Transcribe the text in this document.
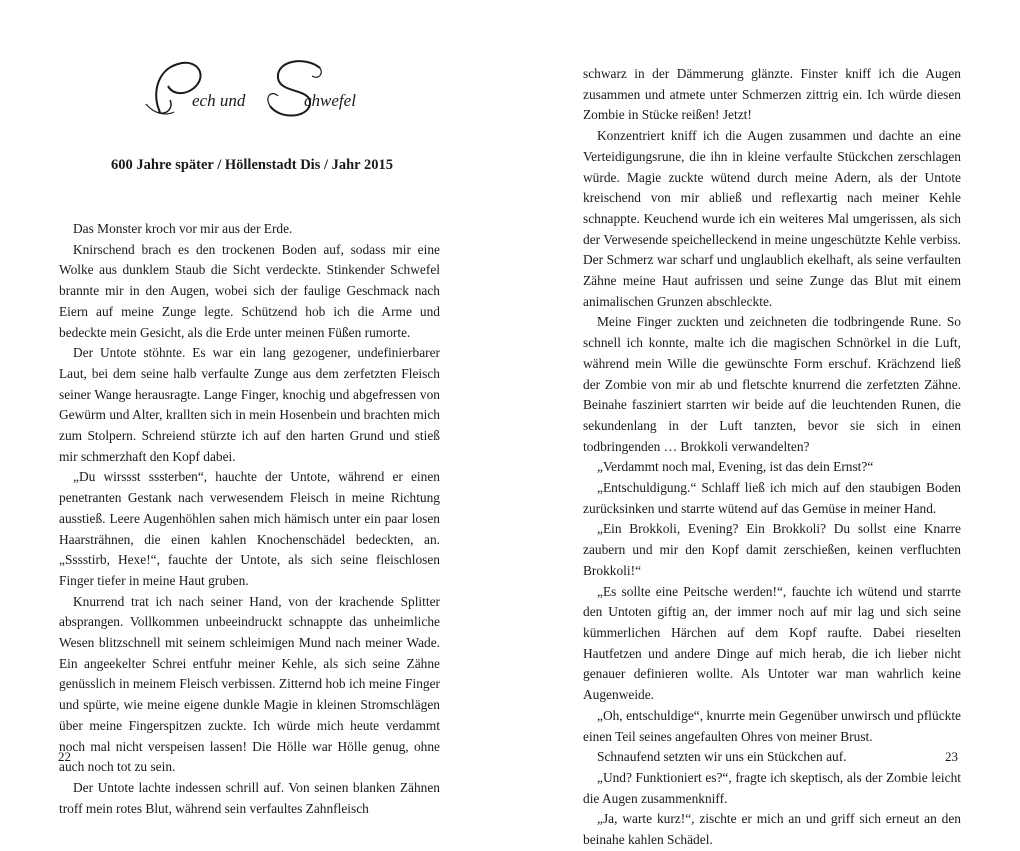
ech und	chwefel
600 Jahre später / Höllenstadt Dis / Jahr 2015

Das Monster kroch vor mir aus der Erde.

Knirschend brach es den trockenen Boden auf, sodass mir eine Wolke aus dunklem Staub die Sicht verdeckte. Stinkender Schwefel brannte mir in den Augen, wobei sich der faulige Geschmack nach Eiern auf meine Zunge legte. Schützend hob ich die Arme und bedeckte mein Gesicht, als die Erde unter meinen Füßen rumorte.

Der Untote stöhnte. Es war ein lang gezogener, undefinierbarer Laut, bei dem seine halb verfaulte Zunge aus dem zerfetzten Fleisch seiner Wange herausragte. Lange Finger, knochig und abgefressen von Gewürm und Alter, krallten sich in mein Hosenbein und brachten mich zum Stolpern. Schreiend stürzte ich auf den harten Grund und stieß mir schmerzhaft den Kopf dabei.

„Du wirssst sssterben“, hauchte der Untote, während er einen penetranten Gestank nach verwesendem Fleisch in meine Richtung ausstieß. Leere Augenhöhlen sahen mich hämisch unter ein paar losen Haarsträhnen, die einen kahlen Knochenschädel bedeckten, an. „Sssstirb, Hexe!“, fauchte der Untote, als sich seine fleischlosen Finger tiefer in meine Haut gruben.

Knurrend trat ich nach seiner Hand, von der krachende Splitter absprangen. Vollkommen unbeeindruckt schnappte das unheimliche Wesen blitzschnell mit seinem schleimigen Mund nach meiner Wade. Ein angeekelter Schrei entfuhr meiner Kehle, als sich seine Zähne genüsslich in meinem Fleisch verbissen. Zitternd hob ich meine Finger und spürte, wie meine eigene dunkle Magie in kleinen Stromschlägen über meine Fingerspitzen zuckte. Ich würde mich heute verdammt noch mal nicht verspeisen lassen! Die Hölle war Hölle genug, ohne auch noch tot zu sein.

Der Untote lachte indessen schrill auf. Von seinen blanken Zähnen troff mein rotes Blut, während sein verfaultes Zahnfleisch

22

schwarz in der Dämmerung glänzte. Finster kniff ich die Augen zusammen und atmete unter Schmerzen zittrig ein. Ich würde diesen Zombie in Stücke reißen! Jetzt!

Konzentriert kniff ich die Augen zusammen und dachte an eine Verteidigungsrune, die ihn in kleine verfaulte Stückchen zerschlagen würde. Magie zuckte wütend durch meine Adern, als der Untote kreischend von mir abließ und reflexartig nach meiner Kehle schnappte. Keuchend wurde ich ein weiteres Mal umgerissen, als sich der Verwesende speichelleckend in meine ungeschützte Kehle verbiss. Der Schmerz war scharf und unglaublich ekelhaft, als seine verfaulten Zähne meine Haut aufrissen und seine Zunge das Blut mit einem animalischen Grunzen abschleckte.

Meine Finger zuckten und zeichneten die todbringende Rune. So schnell ich konnte, malte ich die magischen Schnörkel in die Luft, während mein Wille die gewünschte Form erschuf. Krächzend ließ der Zombie von mir ab und fletschte knurrend die zerfetzten Zähne. Beinahe fasziniert starrten wir beide auf die leuchtenden Runen, die sekundenlang in der Luft tanzten, bevor sie sich in einen todbringenden … Brokkoli verwandelten?

„Verdammt noch mal, Evening, ist das dein Ernst?“

„Entschuldigung.“ Schlaff ließ ich mich auf den staubigen Boden zurücksinken und starrte wütend auf das Gemüse in meiner Hand.

„Ein Brokkoli, Evening? Ein Brokkoli? Du sollst eine Knarre zaubern und mir den Kopf damit zerschießen, keinen verfluchten Brokkoli!“

„Es sollte eine Peitsche werden!“, fauchte ich wütend und starrte den Untoten giftig an, der immer noch auf mir lag und sich seine kümmerlichen Härchen auf dem Kopf raufte. Dabei rieselten Hautfetzen und andere Dinge auf mich herab, die ich lieber nicht genauer definieren wollte. Als Untoter war man wahrlich keine Augenweide.

„Oh, entschuldige“, knurrte mein Gegenüber unwirsch und pflückte einen Teil seines angefaulten Ohres von meiner Brust.

Schnaufend setzten wir uns ein Stückchen auf.

„Und? Funktioniert es?“, fragte ich skeptisch, als der Zombie leicht die Augen zusammenkniff.

„Ja, warte kurz!“, zischte er mich an und griff sich erneut an den beinahe kahlen Schädel.

23
